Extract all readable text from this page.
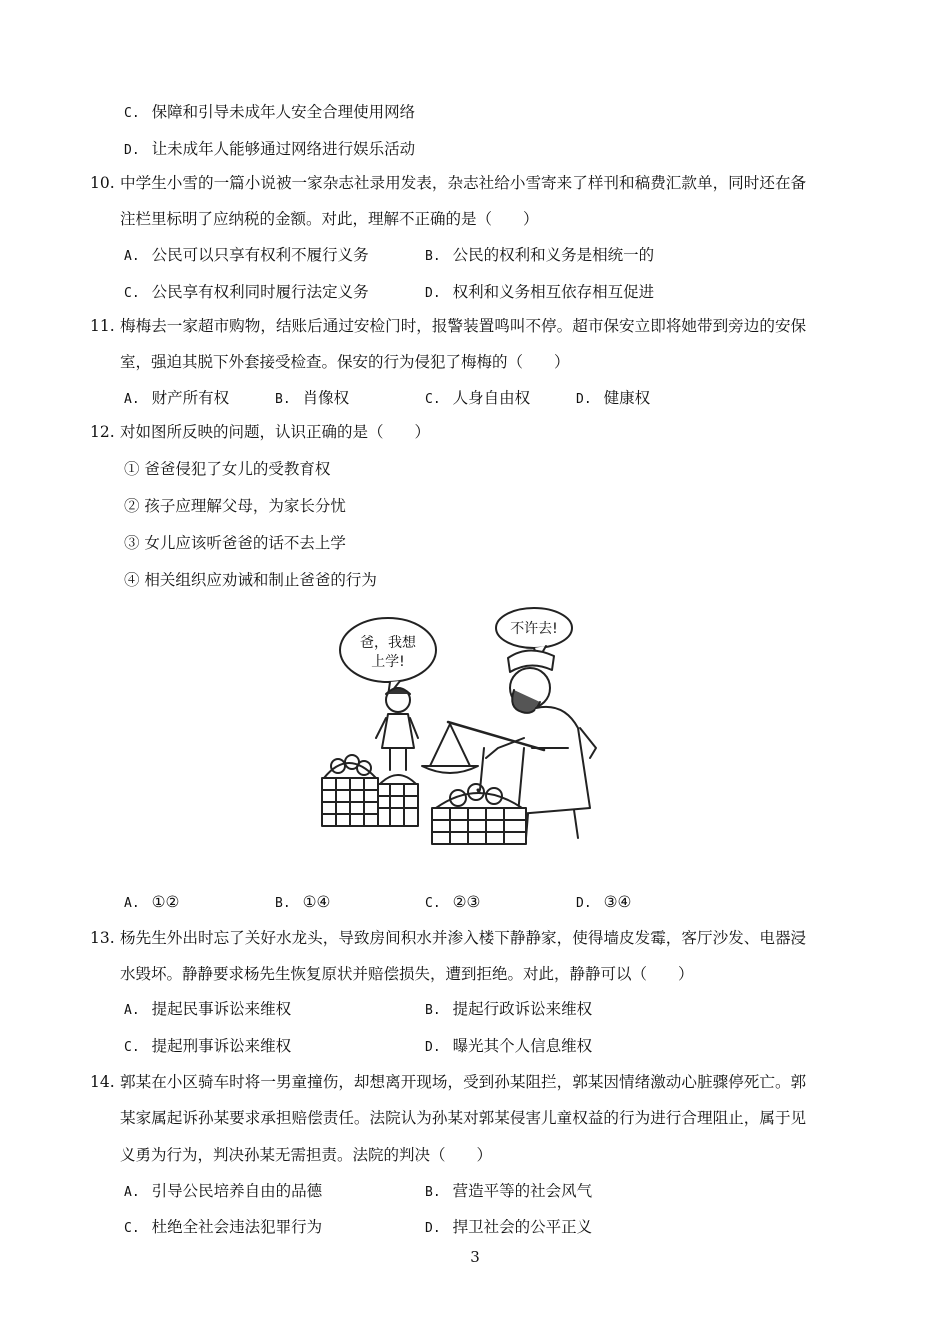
C. 保障和引导未成年人安全合理使用网络
D. 让未成年人能够通过网络进行娱乐活动
10. 中学生小雪的一篇小说被一家杂志社录用发表，杂志社给小雪寄来了样刊和稿费汇款单，同时还在备
注栏里标明了应纳税的金额。对此，理解不正确的是（　　）
A. 公民可以只享有权利不履行义务	B. 公民的权利和义务是相统一的
C. 公民享有权利同时履行法定义务	D. 权利和义务相互依存相互促进
11. 梅梅去一家超市购物，结账后通过安检门时，报警装置鸣叫不停。超市保安立即将她带到旁边的安保
室，强迫其脱下外套接受检查。保安的行为侵犯了梅梅的（　　）
A. 财产所有权	B. 肖像权	C. 人身自由权	D. 健康权
12. 对如图所反映的问题，认识正确的是（　　）
① 爸爸侵犯了女儿的受教育权
② 孩子应理解父母，为家长分忧
③ 女儿应该听爸爸的话不去上学
④ 相关组织应劝诫和制止爸爸的行为
爸，我想
上学!
不许去!
A. ①②	B. ①④	C. ②③	D. ③④
13. 杨先生外出时忘了关好水龙头，导致房间积水并渗入楼下静静家，使得墙皮发霉，客厅沙发、电器浸
水毁坏。静静要求杨先生恢复原状并赔偿损失，遭到拒绝。对此，静静可以（　　）
A. 提起民事诉讼来维权	B. 提起行政诉讼来维权
C. 提起刑事诉讼来维权	D. 曝光其个人信息维权
14. 郭某在小区骑车时将一男童撞伤，却想离开现场，受到孙某阻拦，郭某因情绪激动心脏骤停死亡。郭
某家属起诉孙某要求承担赔偿责任。法院认为孙某对郭某侵害儿童权益的行为进行合理阻止，属于见
义勇为行为，判决孙某无需担责。法院的判决（　　）
A. 引导公民培养自由的品德	B. 营造平等的社会风气
C. 杜绝全社会违法犯罪行为	D. 捍卫社会的公平正义
3
